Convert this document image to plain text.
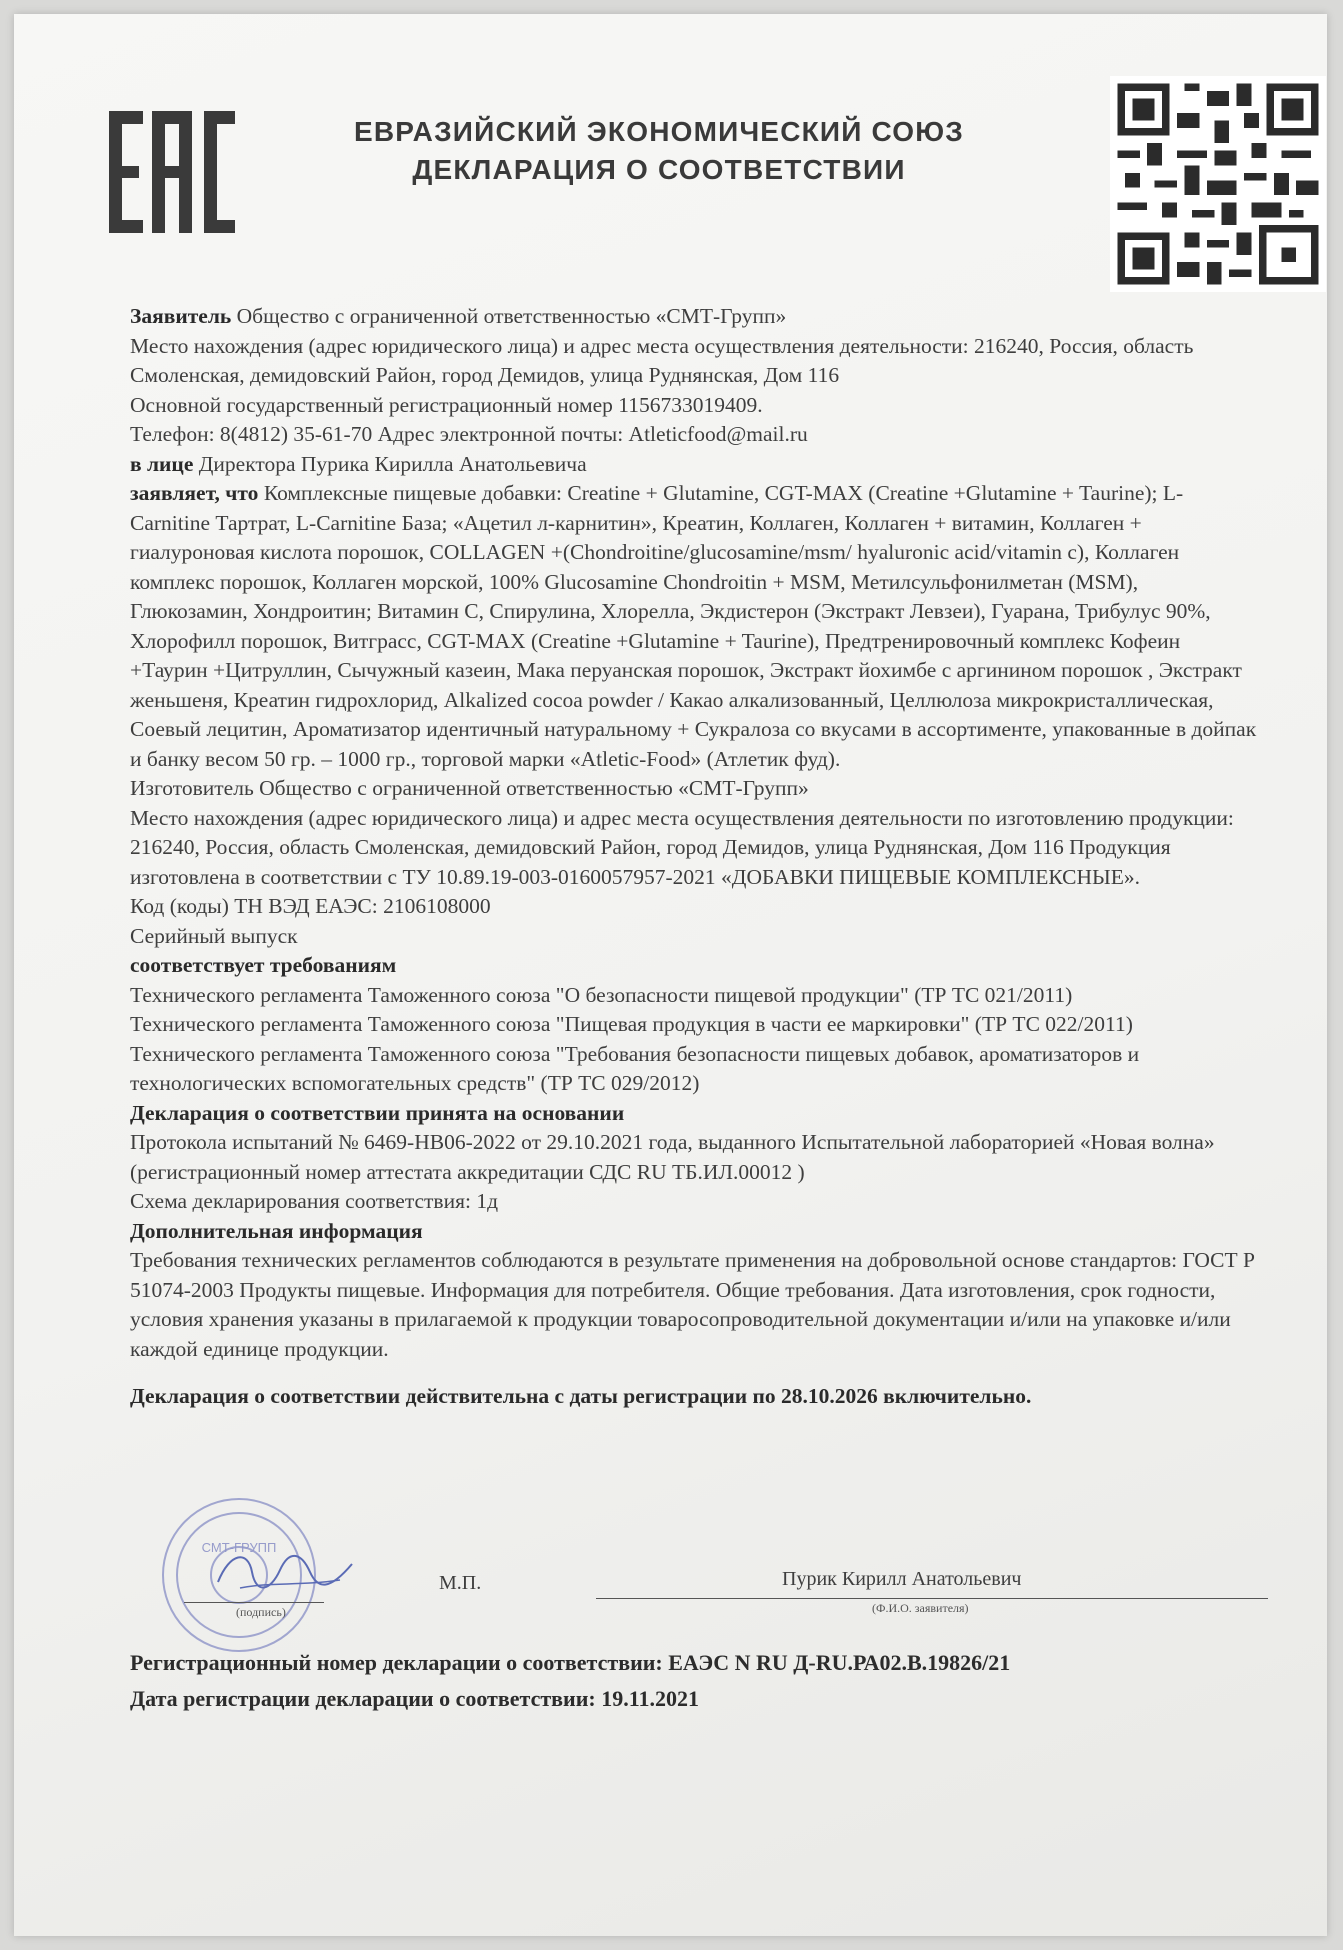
ЕВРАЗИЙСКИЙ ЭКОНОМИЧЕСКИЙ СОЮЗ

ДЕКЛАРАЦИЯ О СООТВЕТСТВИИ

Заявитель Общество с ограниченной ответственностью «СМТ-Групп»

Место нахождения (адрес юридического лица) и адрес места осуществления деятельности: 216240, Россия, область Смоленская, демидовский Район, город Демидов, улица Руднянская, Дом 116

Основной государственный регистрационный номер 1156733019409.

Телефон: 8(4812) 35-61-70 Адрес электронной почты: Atleticfood@mail.ru

в лице Директора Пурика Кирилла Анатольевича

заявляет, что Комплексные пищевые добавки: Creatine + Glutamine, CGT-MAX (Creatine +Glutamine + Taurine); L-Carnitine Тартрат, L-Carnitine База; «Ацетил л-карнитин», Креатин, Коллаген, Коллаген + витамин, Коллаген + гиалуроновая кислота порошок, COLLAGEN +(Chondroitine/glucosamine/msm/ hyaluronic acid/vitamin c), Коллаген комплекс порошок, Коллаген морской, 100% Glucosamine Chondroitin + MSM, Метилсульфонилметан (MSM), Глюкозамин, Хондроитин; Витамин С, Спирулина, Хлорелла, Экдистерон (Экстракт Левзеи), Гуарана, Трибулус 90%, Хлорофилл порошок, Витграсс, CGT-MAX (Creatine +Glutamine + Taurine), Предтренировочный комплекс Кофеин +Таурин +Цитруллин, Сычужный казеин, Мака перуанская порошок, Экстракт йохимбе с аргинином порошок , Экстракт женьшеня, Креатин гидрохлорид, Alkalized cocoa powder / Какао алкализованный, Целлюлоза микрокристаллическая, Соевый лецитин, Ароматизатор идентичный натуральному + Сукралоза со вкусами в ассортименте, упакованные в дойпак и банку весом 50 гр. – 1000 гр., торговой марки «Atletic-Food» (Атлетик фуд).

Изготовитель Общество с ограниченной ответственностью «СМТ-Групп»

Место нахождения (адрес юридического лица) и адрес места осуществления деятельности по изготовлению продукции: 216240, Россия, область Смоленская, демидовский Район, город Демидов, улица Руднянская, Дом 116 Продукция изготовлена в соответствии с ТУ 10.89.19-003-0160057957-2021 «ДОБАВКИ ПИЩЕВЫЕ КОМПЛЕКСНЫЕ».

Код (коды) ТН ВЭД ЕАЭС: 2106108000

Серийный выпуск

соответствует требованиям

Технического регламента Таможенного союза "О безопасности пищевой продукции" (ТР ТС 021/2011)

Технического регламента Таможенного союза "Пищевая продукция в части ее маркировки" (ТР ТС 022/2011)

Технического регламента Таможенного союза "Требования безопасности пищевых добавок, ароматизаторов и технологических вспомогательных средств" (ТР ТС 029/2012)

Декларация о соответствии принята на основании

Протокола испытаний № 6469-НВ06-2022 от 29.10.2021 года, выданного Испытательной лабораторией «Новая волна» (регистрационный номер аттестата аккредитации СДС RU ТБ.ИЛ.00012 )

Схема декларирования соответствия: 1д

Дополнительная информация

Требования технических регламентов соблюдаются в результате применения на добровольной основе стандартов: ГОСТ Р 51074-2003 Продукты пищевые. Информация для потребителя. Общие требования. Дата изготовления, срок годности, условия хранения указаны в прилагаемой к продукции товаросопроводительной документации и/или на упаковке и/или каждой единице продукции.

Декларация о соответствии действительна с даты регистрации по 28.10.2026 включительно.

СМТ-ГРУПП
(подпись)
М.П.	Пурик Кирилл Анатольевич
(Ф.И.О. заявителя)

Регистрационный номер декларации о соответствии: ЕАЭС N RU Д-RU.РА02.В.19826/21

Дата регистрации декларации о соответствии: 19.11.2021
